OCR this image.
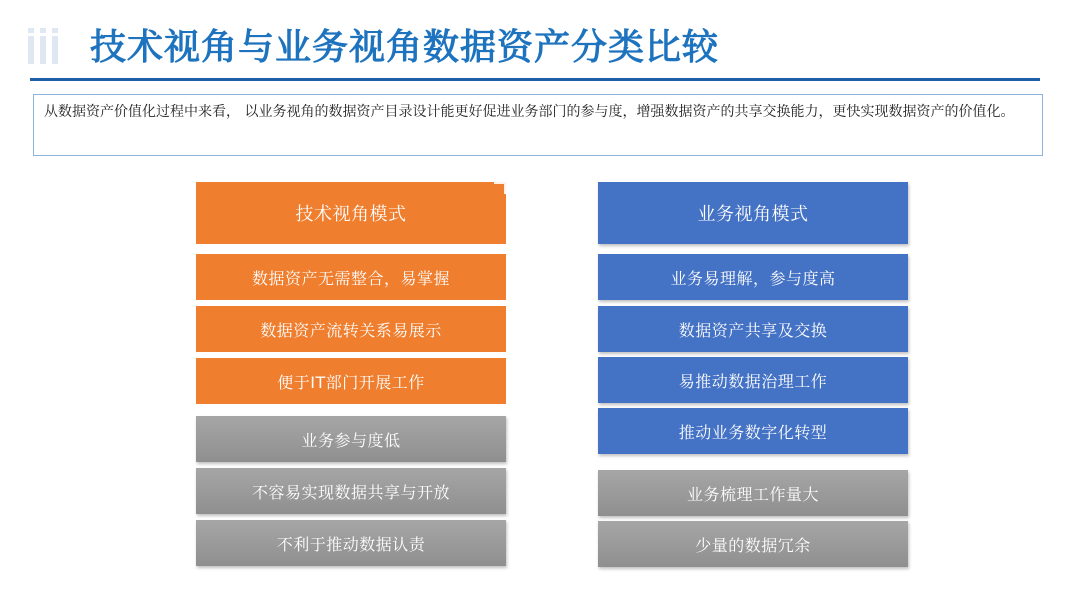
技术视角与业务视角数据资产分类比较
从数据资产价值化过程中来看， 以业务视角的数据资产目录设计能更好促进业务部门的参与度，增强数据资产的共享交换能力，更快实现数据资产的价值化。
技术视角模式
数据资产无需整合，易掌握
数据资产流转关系易展示
便于IT部门开展工作
业务参与度低
不容易实现数据共享与开放
不利于推动数据认责
业务视角模式
业务易理解，参与度高
数据资产共享及交换
易推动数据治理工作
推动业务数字化转型
业务梳理工作量大
少量的数据冗余
